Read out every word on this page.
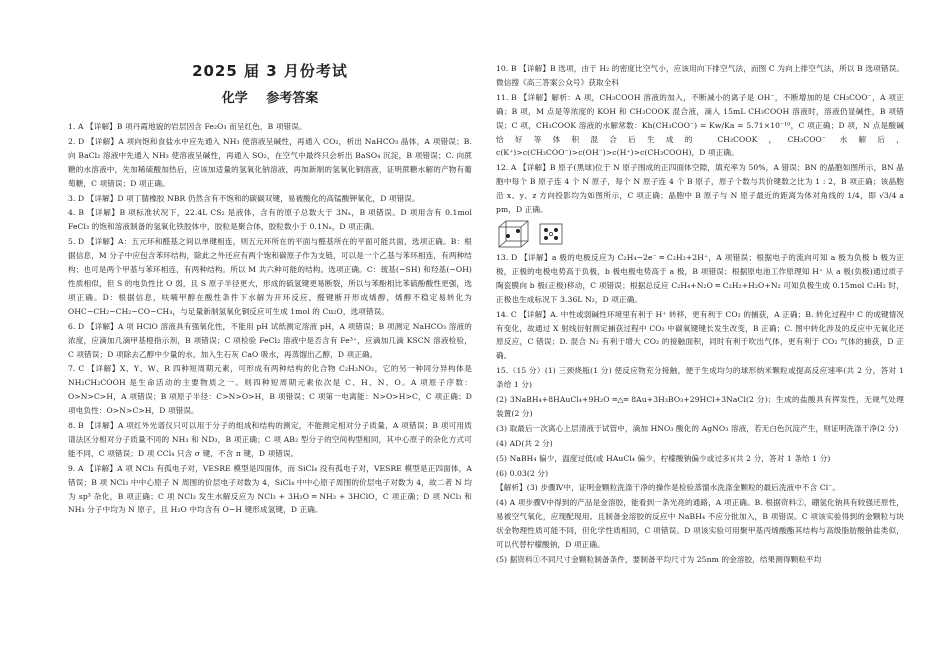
2025 届 3 月份考试
化学 参考答案

1. A 【详解】B 项丹霞地貌的岩层因含 Fe₂O₃ 而呈红色，B 项错误。

2. D 【详解】A 项向饱和食盐水中应先通入 NH₃ 使溶液呈碱性，再通入 CO₂，析出 NaHCO₃ 晶体，A 项错误；B. 向 BaCl₂ 溶液中先通入 NH₃ 使溶液呈碱性，再通入 SO₂，在空气中最终只会析出 BaSO₄ 沉淀，B 项错误；C. 向蔗糖的水溶液中，先加稀硫酸加热后，应该加适量的氢氧化钠溶液，再加新制的氢氧化铜溶液，证明蔗糖水解的产物有葡萄糖，C 项错误；D 项正确。

3. D 【详解】D 项丁腈橡胶 NBR 仍然含有不饱和的碳碳双键，易被酸化的高锰酸钾氧化，D 项错误。

4. B 【详解】B 项标准状况下，22.4L CS₂ 是液体，含有的原子总数大于 3Nₐ，B 项错误。D 项用含有 0.1mol FeCl₃ 的饱和溶液制备的氢氧化铁胶体中，胶粒是聚合体，胶粒数小于 0.1Nₐ，D 项正确。

5. D 【详解】A：五元环和醛基之间以单键相连，则五元环所在的平面与醛基所在的平面可能共面，选项正确。B：根据信息，M 分子中应包含苯环结构，除此之外还应有两个饱和碳原子作为支链，可以是一个乙基与苯环相连，有两种结构；也可是两个甲基与苯环相连，有两种结构。所以 M 共六种可能的结构。选项正确。C：巯基(−SH) 和羟基(−OH) 性质相似，但 S 的电负性比 O 弱，且 S 原子半径更大，形成的硫氢键更易断裂，所以与苯酚相比苯硫酚酸性更强，选项正确。D：根据信息，呋喃甲醇在酸性条件下水解为开环反应，醛键断开形成烯醇，烯醇不稳定易转化为 OHC−CH₂−CH₂−CO−CH₃，与足量新制氢氧化铜反应可生成 1mol 的 Cu₂O，选项错误。

6. D 【详解】A 项 HClO 溶液具有强氧化性，不能用 pH 试纸测定溶液 pH，A 项错误；B 项测定 NaHCO₃ 溶液的浓度，应滴加几滴甲基橙指示剂，B 项错误；C 项检验 FeCl₂ 溶液中是否含有 Fe³⁺，应滴加几滴 KSCN 溶液检验，C 项错误；D 项除去乙醇中少量的水，加入生石灰 CaO 吸水，再蒸馏出乙醇，D 项正确。

7. C 【详解】X、Y、W、R 四种短周期元素，可形成有两种结构的化合物 C₂H₃NO₂，它的另一种同分异构体是 NH₂CH₂COOH 是生命活动的主要物质之一。则四种短周期元素依次是 C、H、N、O。A 项原子序数：O>N>C>H，A 项错误；B 项原子半径：C>N>O>H，B 项错误；C 项第一电离能：N>O>H>C，C 项正确；D 项电负性：O>N>C>H，D 项错误。

8. B 【详解】A 项红外光谱仪只可以用于分子的组成和结构的测定，不能测定相对分子质量，A 项错误；B 项可用质谱法区分相对分子质量不同的 NH₃ 和 ND₃，B 项正确；C 项 AB₂ 型分子的空间构型相同，其中心原子的杂化方式可能不同，C 项错误；D 项 CCl₄ 只含 σ 键，不含 π 键，D 项错误。

9. A 【详解】A 项 NCl₃ 有孤电子对，VESRE 模型是四面体，而 SiCl₄ 没有孤电子对，VESRE 模型是正四面体，A 错误；B 项 NCl₃ 中中心原子 N 周围的价层电子对数为 4，SiCl₄ 中中心原子周围的价层电子对数为 4，故二者 N 均为 sp³ 杂化，B 项正确；C 项 NCl₃ 发生水解反应为 NCl₃ + 3H₂O ═ NH₃ + 3HClO，C 项正确；D 项 NCl₃ 和 NH₃ 分子中均为 N 原子，且 H₂O 中均含有 O−H 键形成氢键，D 正确。

10. B 【详解】B 选项，由于 H₂ 的密度比空气小，应该用向下排空气法，而图 C 为向上排空气法，所以 B 选项错误。微信搜《高三答案公众号》获取全科

11. B 【详解】解析：A 项，CH₃COOH 溶液的加入，不断减小的离子是 OH⁻，不断增加的是 CH₃COO⁻，A 项正确；B 项，M 点是等浓度的 KOH 和 CH₃COOK 混合液，滴入 15mL CH₃COOH 溶液时，溶液仍显碱性，B 项错误；C 项，CH₃COOK 溶液的水解常数：Kh(CH₃COO⁻) = Kw/Ka = 5.71×10⁻¹⁰，C 项正确；D 项，N 点是酸碱恰好等体积混合后生成的 CH₃COOK，CH₃COO⁻ 水解后，c(K⁺)>c(CH₃COO⁻)>c(OH⁻)>c(H⁺)>c(CH₃COOH)，D 项正确。

12. A 【详解】B 原子(黑球)位于 N 原子围成的正四面体空隙，填充率为 50%，A 错误；BN 的晶胞如图所示，BN 晶胞中每个 B 原子连 4 个 N 原子，每个 N 原子连 4 个 B 原子，原子个数与共价键数之比为 1 : 2，B 项正确；该晶胞沿 x、y、z 方向投影均为如图所示，C 项正确；晶胞中 B 原子与 N 原子最近的距离为体对角线的 1/4，即 √3/4 a pm，D 正确。

13. D 【详解】a 极的电极反应为 C₂H₄−2e⁻ ═ C₂H₂+2H⁺，A 项错误；根据电子的流向可知 a 极为负极 b 极为正极，正极的电极电势高于负极，b 极电极电势高于 a 极，B 项错误；根据原电池工作原理知 H⁺ 从 a 极(负极)通过质子陶瓷膜向 b 极(正极)移动，C 项错误；根据总反应 C₂H₄+N₂O ═ C₂H₂+H₂O+N₂ 可知负极生成 0.15mol C₂H₂ 时，正极也生成标况下 3.36L N₂，D 项正确。

14. C 【详解】A. 中性或弱碱性环境里有利于 H⁺ 转移，更有利于 CO₂ 的捕获，A 正确；B. 转化过程中 C 的成键情况有变化，故通过 X 射线衍射测定捕获过程中 CO₂ 中碳氧键键长发生改变，B 正确；C. 图中转化涉及的反应中无氧化还原反应，C 错误；D. 混合 N₂ 有利于增大 CO₂ 的接触面积，同时有利于吹出气体，更有利于 CO₂ 气体的捕获，D 正确。

15.（15 分）(1) 三颈烧瓶(1 分) 使反应物充分接触，便于生成均匀的球形纳米颗粒或提高反应速率(共 2 分，答对 1 条给 1 分)

(2) 3NaBH₄+8HAuCl₄+9H₂O ═△═ 8Au+3H₃BO₃+29HCl+3NaCl(2 分)；生成的盐酸具有挥发性，无规气处理装置(2 分)

(3) 取最后一次离心上层清液于试管中，滴加 HNO₃ 酸化的 AgNO₃ 溶液，若无白色沉淀产生，则证明洗涤干净(2 分)

(4) AD(共 2 分)

(5) NaBH₄ 偏少，温度过低(或 HAuCl₄ 偏少，柠檬酸钠偏少或过多)(共 2 分，答对 1 条给 1 分)

(6) 0.03(2 分)

【解析】(3) 步骤Ⅳ中，证明金颗粒洗涤干净的操作是检验蒸馏水洗涤金颗粒的最后洗液中不含 Cl⁻。

(4) A 项步骤Ⅴ中得到的产品是金溶胶，能看到一条光亮的通路，A 项正确。B. 根据资料②，硼氢化钠具有较强还原性，易被空气氧化，应现配现用。且制备金溶胶的反应中 NaBH₄ 不应分批加入，B 项错误。C 项该实验得到的金颗粒与块状金物理性质可能不同，但化学性质相同，C 项错误。D 项该实验可用聚甲基丙烯酸酯其结构与高级脂肪酸钠盐类似，可以代替柠檬酸钠，D 项正确。

(5) 据资料①不同尺寸金颗粒制备条件，要制备平均尺寸为 25nm 的金溶胶，结果测得颗粒平均
